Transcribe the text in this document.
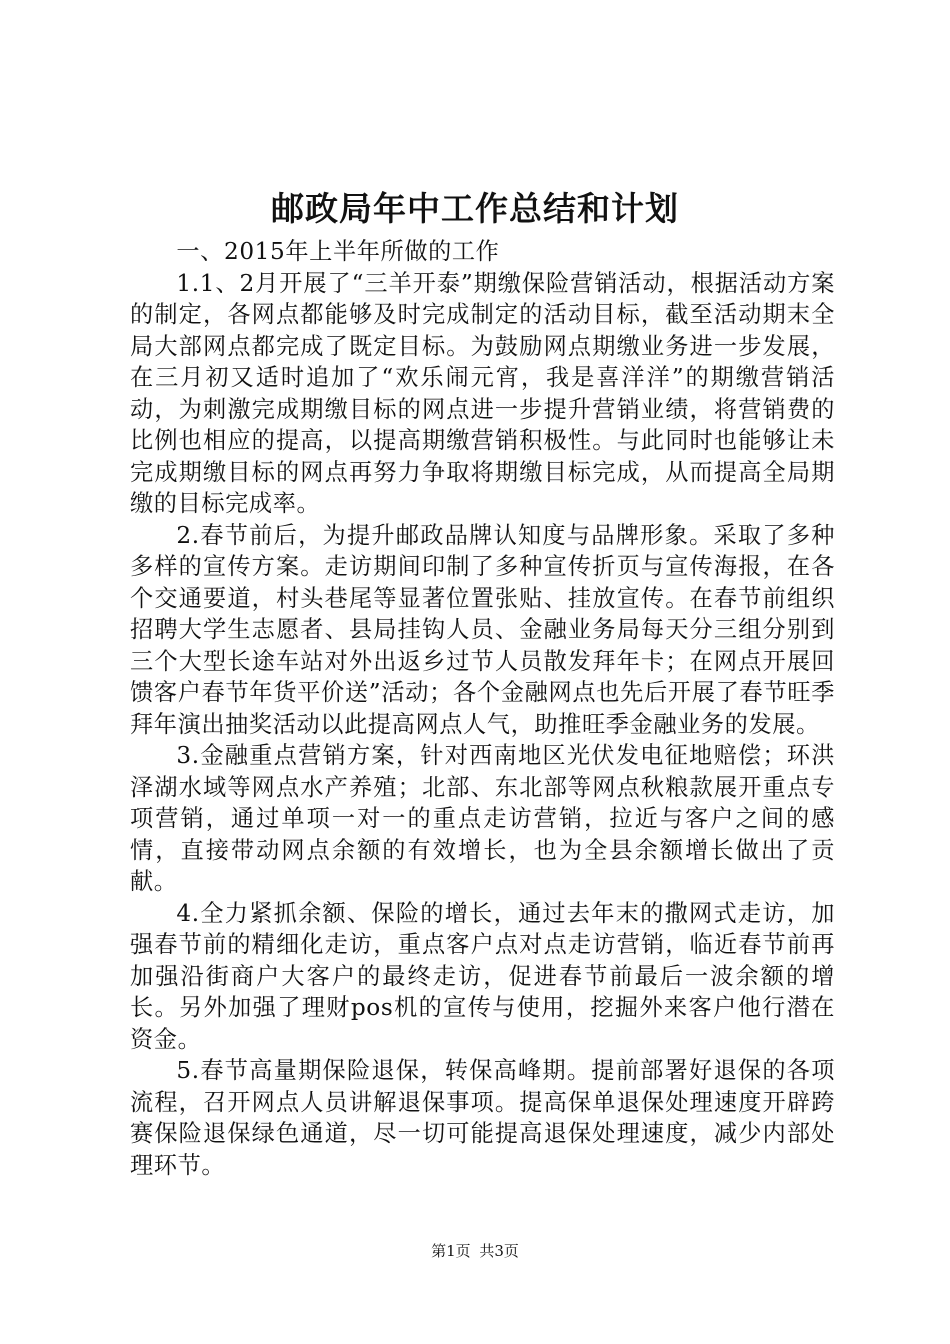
邮政局年中工作总结和计划

一、2015年上半年所做的工作

1.1、2月开展了“三羊开泰”期缴保险营销活动，根据活动方案的制定，各网点都能够及时完成制定的活动目标，截至活动期末全局大部网点都完成了既定目标。为鼓励网点期缴业务进一步发展，在三月初又适时追加了“欢乐闹元宵，我是喜洋洋”的期缴营销活动，为刺激完成期缴目标的网点进一步提升营销业绩，将营销费的比例也相应的提高，以提高期缴营销积极性。与此同时也能够让未完成期缴目标的网点再努力争取将期缴目标完成，从而提高全局期缴的目标完成率。

2.春节前后，为提升邮政品牌认知度与品牌形象。采取了多种多样的宣传方案。走访期间印制了多种宣传折页与宣传海报，在各个交通要道，村头巷尾等显著位置张贴、挂放宣传。在春节前组织招聘大学生志愿者、县局挂钩人员、金融业务局每天分三组分别到三个大型长途车站对外出返乡过节人员散发拜年卡；在网点开展回馈客户春节年货平价送”活动；各个金融网点也先后开展了春节旺季拜年演出抽奖活动以此提高网点人气，助推旺季金融业务的发展。

3.金融重点营销方案，针对西南地区光伏发电征地赔偿；环洪泽湖水域等网点水产养殖；北部、东北部等网点秋粮款展开重点专项营销，通过单项一对一的重点走访营销，拉近与客户之间的感情，直接带动网点余额的有效增长，也为全县余额增长做出了贡献。

4.全力紧抓余额、保险的增长，通过去年末的撒网式走访，加强春节前的精细化走访，重点客户点对点走访营销，临近春节前再加强沿街商户大客户的最终走访，促进春节前最后一波余额的增长。另外加强了理财pos机的宣传与使用，挖掘外来客户他行潜在资金。

5.春节高量期保险退保，转保高峰期。提前部署好退保的各项流程，召开网点人员讲解退保事项。提高保单退保处理速度开辟跨赛保险退保绿色通道，尽一切可能提高退保处理速度，减少内部处理环节。

第1页 共3页
